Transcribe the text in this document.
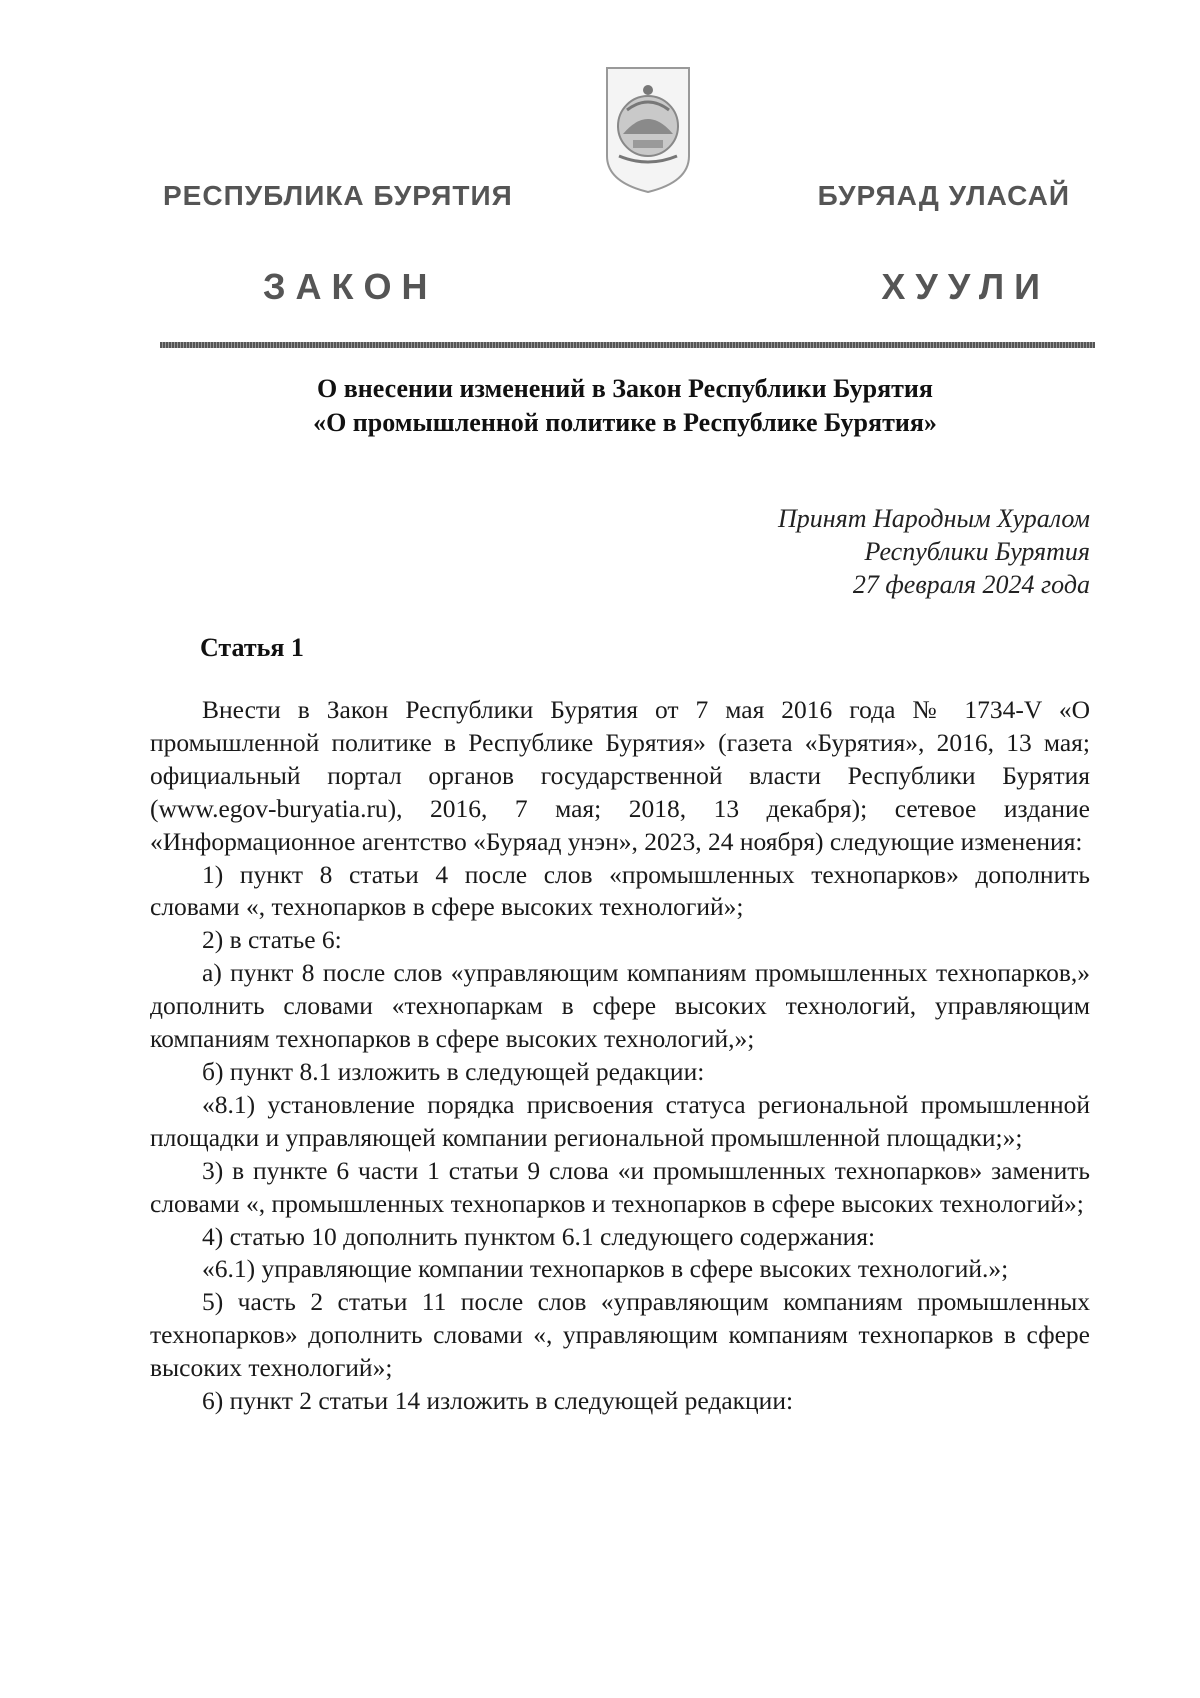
РЕСПУБЛИКА БУРЯТИЯ	БУРЯАД УЛАСАЙ
ЗАКОН	ХУУЛИ
О внесении изменений в Закон Республики Бурятия
«О промышленной политике в Республике Бурятия»
Принят Народным Хуралом
Республики Бурятия
27 февраля 2024 года
Статья 1

Внести в Закон Республики Бурятия от 7 мая 2016 года № 1734-V «О промышленной политике в Республике Бурятия» (газета «Бурятия», 2016, 13 мая; официальный портал органов государственной власти Республики Бурятия (www.egov-buryatia.ru), 2016, 7 мая; 2018, 13 декабря); сетевое издание «Информационное агентство «Буряад унэн», 2023, 24 ноября) следующие изменения:

1) пункт 8 статьи 4 после слов «промышленных технопарков» дополнить словами «, технопарков в сфере высоких технологий»;

2) в статье 6:

а) пункт 8 после слов «управляющим компаниям промышленных технопарков,» дополнить словами «технопаркам в сфере высоких технологий, управляющим компаниям технопарков в сфере высоких технологий,»;

б) пункт 8.1 изложить в следующей редакции:

«8.1) установление порядка присвоения статуса региональной промышленной площадки и управляющей компании региональной промышленной площадки;»;

3) в пункте 6 части 1 статьи 9 слова «и промышленных технопарков» заменить словами «, промышленных технопарков и технопарков в сфере высоких технологий»;

4) статью 10 дополнить пунктом 6.1 следующего содержания:

«6.1) управляющие компании технопарков в сфере высоких технологий.»;

5) часть 2 статьи 11 после слов «управляющим компаниям промышленных технопарков» дополнить словами «, управляющим компаниям технопарков в сфере высоких технологий»;

6) пункт 2 статьи 14 изложить в следующей редакции:
